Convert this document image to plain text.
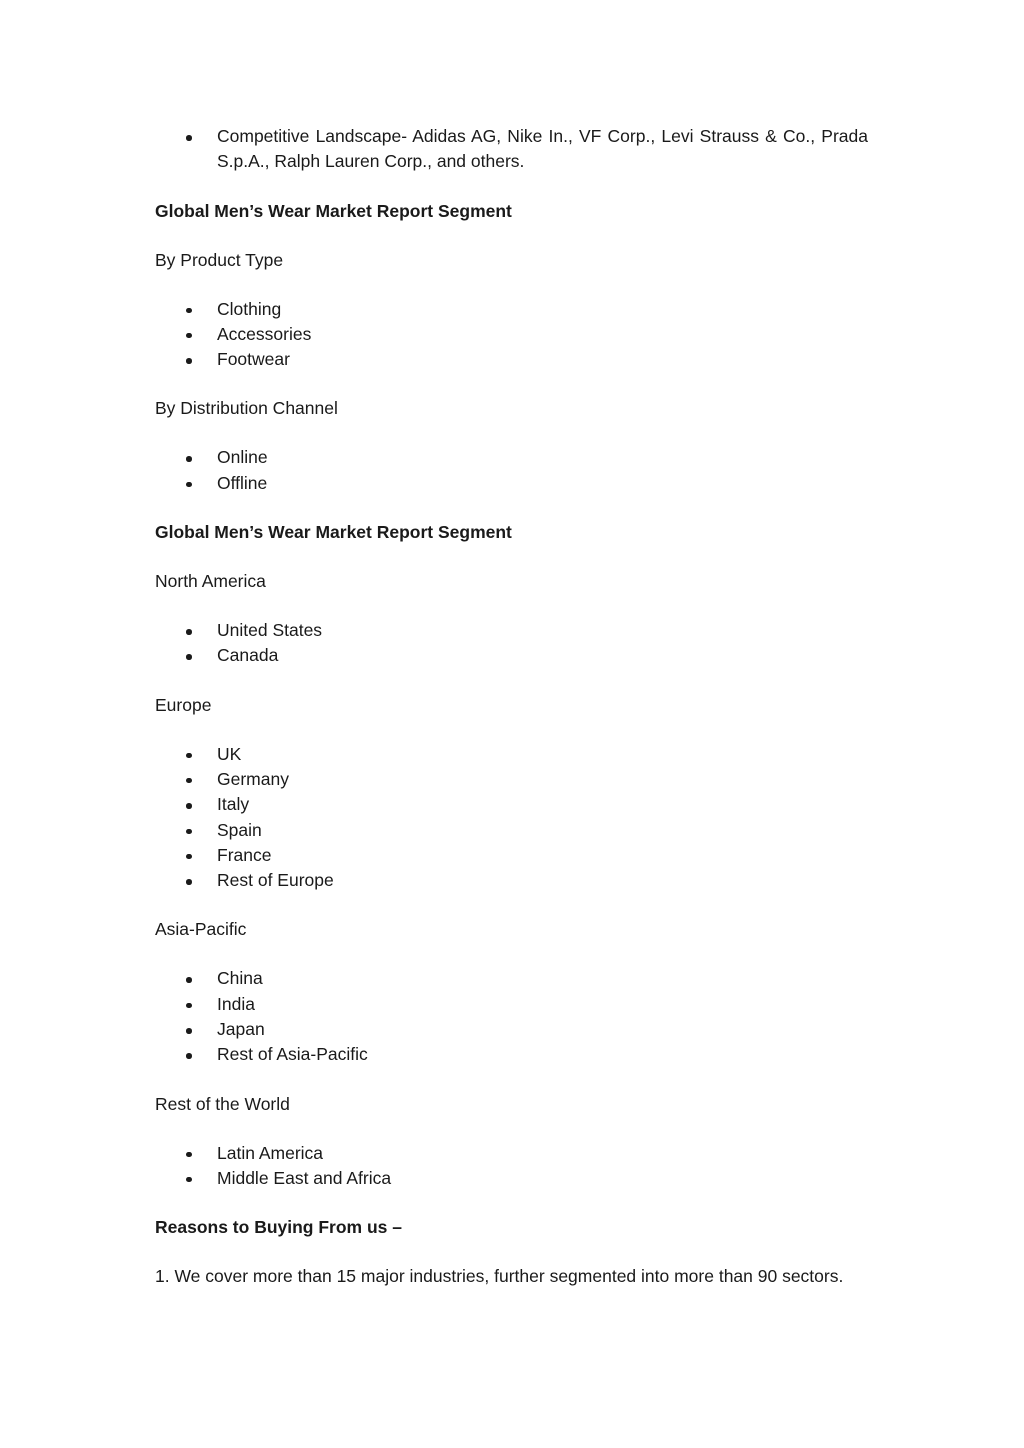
Competitive Landscape- Adidas AG, Nike In., VF Corp., Levi Strauss & Co., Prada S.p.A., Ralph Lauren Corp., and others.

Global Men’s Wear Market Report Segment

By Product Type

Clothing
Accessories
Footwear

By Distribution Channel

Online
Offline

Global Men’s Wear Market Report Segment

North America

United States
Canada

Europe

UK
Germany
Italy
Spain
France
Rest of Europe

Asia-Pacific

China
India
Japan
Rest of Asia-Pacific

Rest of the World

Latin America
Middle East and Africa

Reasons to Buying From us –

1. We cover more than 15 major industries, further segmented into more than 90 sectors.
